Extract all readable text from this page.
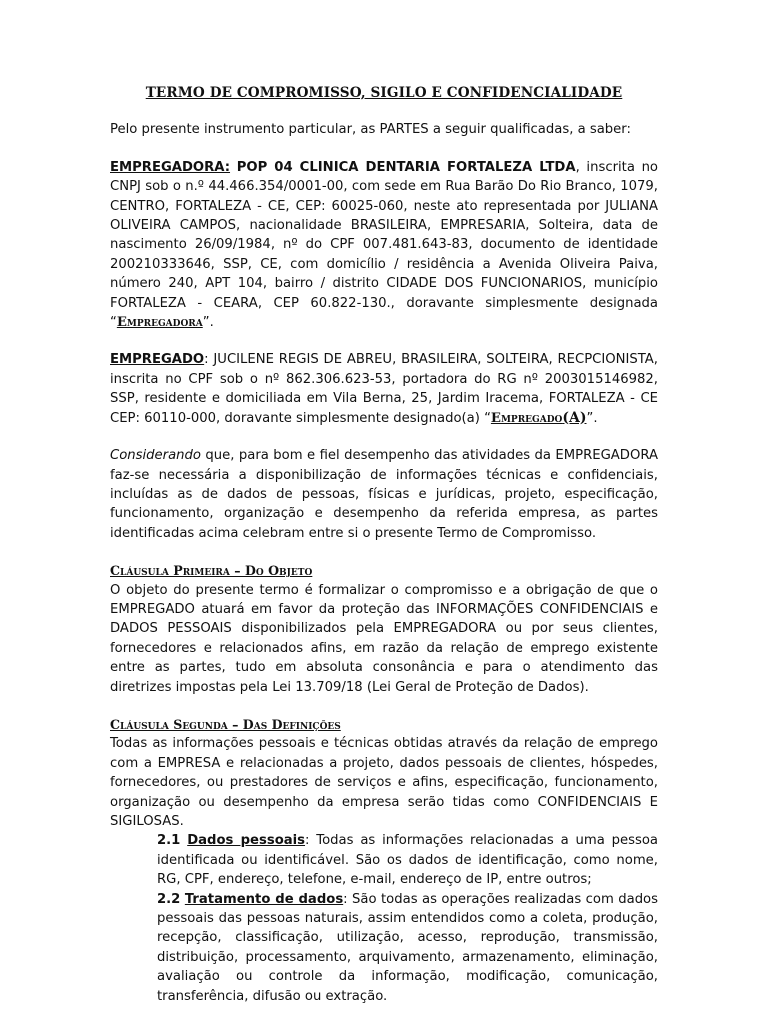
TERMO DE COMPROMISSO, SIGILO E CONFIDENCIALIDADE

Pelo presente instrumento particular, as PARTES a seguir qualificadas, a saber:

EMPREGADORA: POP 04 CLINICA DENTARIA FORTALEZA LTDA, inscrita no CNPJ sob o n.º 44.466.354/0001-00, com sede em Rua Barão Do Rio Branco, 1079, CENTRO, FORTALEZA - CE, CEP: 60025-060, neste ato representada por JULIANA OLIVEIRA CAMPOS, nacionalidade BRASILEIRA, EMPRESARIA, Solteira, data de nascimento 26/09/1984, nº do CPF 007.481.643-83, documento de identidade 200210333646, SSP, CE, com domicílio / residência a Avenida Oliveira Paiva, número 240, APT 104, bairro / distrito CIDADE DOS FUNCIONARIOS, município FORTALEZA - CEARA, CEP 60.822-130., doravante simplesmente designada “Empregadora”.

EMPREGADO: JUCILENE REGIS DE ABREU, BRASILEIRA, SOLTEIRA, RECPCIONISTA, inscrita no CPF sob o nº 862.306.623-53, portadora do RG nº 2003015146982, SSP, residente e domiciliada em Vila Berna, 25, Jardim Iracema, FORTALEZA - CE CEP: 60110-000, doravante simplesmente designado(a) “Empregado(A)”.

Considerando que, para bom e fiel desempenho das atividades da EMPREGADORA faz-se necessária a disponibilização de informações técnicas e confidenciais, incluídas as de dados de pessoas, físicas e jurídicas, projeto, especificação, funcionamento, organização e desempenho da referida empresa, as partes identificadas acima celebram entre si o presente Termo de Compromisso.

Cláusula Primeira – Do Objeto

O objeto do presente termo é formalizar o compromisso e a obrigação de que o EMPREGADO atuará em favor da proteção das INFORMAÇÕES CONFIDENCIAIS e DADOS PESSOAIS disponibilizados pela EMPREGADORA ou por seus clientes, fornecedores e relacionados afins, em razão da relação de emprego existente entre as partes, tudo em absoluta consonância e para o atendimento das diretrizes impostas pela Lei 13.709/18 (Lei Geral de Proteção de Dados).

Cláusula Segunda – Das Definições

Todas as informações pessoais e técnicas obtidas através da relação de emprego com a EMPRESA e relacionadas a projeto, dados pessoais de clientes, hóspedes, fornecedores, ou prestadores de serviços e afins, especificação, funcionamento, organização ou desempenho da empresa serão tidas como CONFIDENCIAIS E SIGILOSAS.

2.1 Dados pessoais: Todas as informações relacionadas a uma pessoa identificada ou identificável. São os dados de identificação, como nome, RG, CPF, endereço, telefone, e-mail, endereço de IP, entre outros;

2.2 Tratamento de dados: São todas as operações realizadas com dados pessoais das pessoas naturais, assim entendidos como a coleta, produção, recepção, classificação, utilização, acesso, reprodução, transmissão, distribuição, processamento, arquivamento, armazenamento, eliminação, avaliação ou controle da informação, modificação, comunicação, transferência, difusão ou extração.
